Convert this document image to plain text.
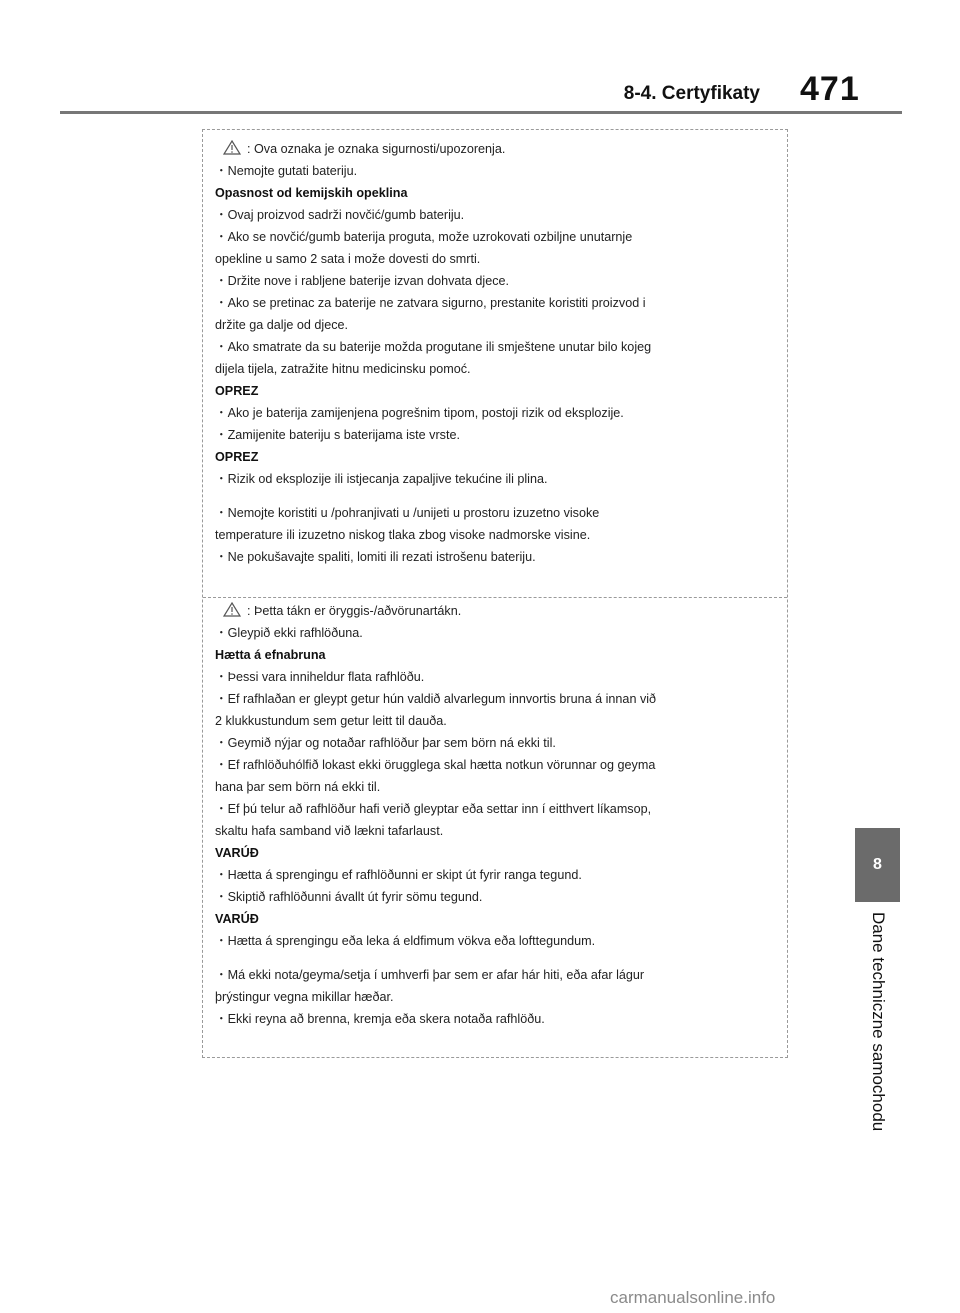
8-4. Certyfikaty 471
8
Dane techniczne samochodu
: Ova oznaka je oznaka sigurnosti/upozorenja.
・Nemojte gutati bateriju.
Opasnost od kemijskih opeklina
・Ovaj proizvod sadrži novčić/gumb bateriju.
・Ako se novčić/gumb baterija proguta, može uzrokovati ozbiljne unutarnje
opekline u samo 2 sata i može dovesti do smrti.
・Držite nove i rabljene baterije izvan dohvata djece.
・Ako se pretinac za baterije ne zatvara sigurno, prestanite koristiti proizvod i
držite ga dalje od djece.
・Ako smatrate da su baterije možda progutane ili smještene unutar bilo kojeg
dijela tijela, zatražite hitnu medicinsku pomoć.
OPREZ
・Ako je baterija zamijenjena pogrešnim tipom, postoji rizik od eksplozije.
・Zamijenite bateriju s baterijama iste vrste.
OPREZ
・Rizik od eksplozije ili istjecanja zapaljive tekućine ili plina.
・Nemojte koristiti u /pohranjivati u /unijeti u prostoru izuzetno visoke
temperature ili izuzetno niskog tlaka zbog visoke nadmorske visine.
・Ne pokušavajte spaliti, lomiti ili rezati istrošenu bateriju.
: Þetta tákn er öryggis-/aðvörunartákn.
・Gleypið ekki rafhlöðuna.
Hætta á efnabruna
・Þessi vara inniheldur flata rafhlöðu.
・Ef rafhlaðan er gleypt getur hún valdið alvarlegum innvortis bruna á innan við
2 klukkustundum sem getur leitt til dauða.
・Geymið nýjar og notaðar rafhlöður þar sem börn ná ekki til.
・Ef rafhlöðuhólfið lokast ekki örugglega skal hætta notkun vörunnar og geyma
hana þar sem börn ná ekki til.
・Ef þú telur að rafhlöður hafi verið gleyptar eða settar inn í eitthvert líkamsop,
skaltu hafa samband við lækni tafarlaust.
VARÚÐ
・Hætta á sprengingu ef rafhlöðunni er skipt út fyrir ranga tegund.
・Skiptið rafhlöðunni ávallt út fyrir sömu tegund.
VARÚÐ
・Hætta á sprengingu eða leka á eldfimum vökva eða lofttegundum.
・Má ekki nota/geyma/setja í umhverfi þar sem er afar hár hiti, eða afar lágur
þrýstingur vegna mikillar hæðar.
・Ekki reyna að brenna, kremja eða skera notaða rafhlöðu.
carmanualsonline.info
